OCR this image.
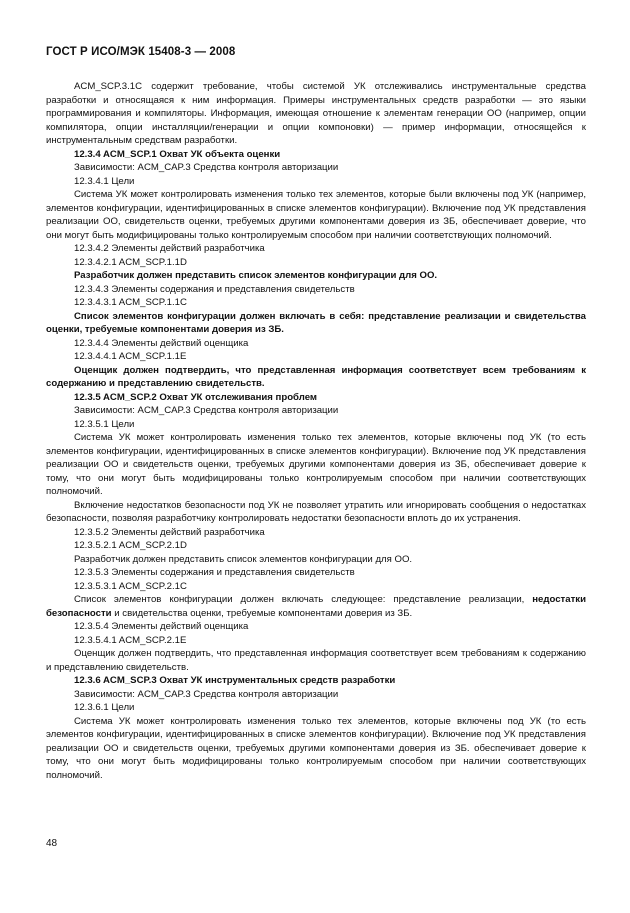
ГОСТ Р ИСО/МЭК 15408-3 — 2008

ACM_SCP.3.1С содержит требование, чтобы системой УК отслеживались инструментальные средства разработки и относящаяся к ним информация. Примеры инструментальных средств разработки — это языки программирования и компиляторы. Информация, имеющая отношение к элементам генерации ОО (например, опции компилятора, опции инсталляции/генерации и опции компоновки) — пример информации, относящейся к инструментальным средствам разработки.

12.3.4 ACM_SCP.1 Охват УК объекта оценки

Зависимости: ACM_CAP.3 Средства контроля авторизации

12.3.4.1 Цели

Система УК может контролировать изменения только тех элементов, которые были включены под УК (например, элементов конфигурации, идентифицированных в списке элементов конфигурации). Включение под УК представления реализации ОО, свидетельств оценки, требуемых другими компонентами доверия из ЗБ, обеспечивает доверие, что они могут быть модифицированы только контролируемым способом при наличии соответствующих полномочий.

12.3.4.2 Элементы действий разработчика

12.3.4.2.1 ACM_SCP.1.1D

Разработчик должен представить список элементов конфигурации для ОО.

12.3.4.3 Элементы содержания и представления свидетельств

12.3.4.3.1 ACM_SCP.1.1C

Список элементов конфигурации должен включать в себя: представление реализации и свидетельства оценки, требуемые компонентами доверия из ЗБ.

12.3.4.4 Элементы действий оценщика

12.3.4.4.1 ACM_SCP.1.1E

Оценщик должен подтвердить, что представленная информация соответствует всем требованиям к содержанию и представлению свидетельств.

12.3.5 ACM_SCP.2 Охват УК отслеживания проблем

Зависимости: ACM_CAP.3 Средства контроля авторизации

12.3.5.1 Цели

Система УК может контролировать изменения только тех элементов, которые включены под УК (то есть элементов конфигурации, идентифицированных в списке элементов конфигурации). Включение под УК представления реализации ОО и свидетельств оценки, требуемых другими компонентами доверия из ЗБ, обеспечивает доверие к тому, что они могут быть модифицированы только контролируемым способом при наличии соответствующих полномочий.

Включение недостатков безопасности под УК не позволяет утратить или игнорировать сообщения о недостатках безопасности, позволяя разработчику контролировать недостатки безопасности вплоть до их устранения.

12.3.5.2 Элементы действий разработчика

12.3.5.2.1 ACM_SCP.2.1D

Разработчик должен представить список элементов конфигурации для ОО.

12.3.5.3 Элементы содержания и представления свидетельств

12.3.5.3.1 ACM_SCP.2.1C

Список элементов конфигурации должен включать следующее: представление реализации, недостатки безопасности и свидетельства оценки, требуемые компонентами доверия из ЗБ.

12.3.5.4 Элементы действий оценщика

12.3.5.4.1 ACM_SCP.2.1E

Оценщик должен подтвердить, что представленная информация соответствует всем требованиям к содержанию и представлению свидетельств.

12.3.6 ACM_SCP.3 Охват УК инструментальных средств разработки

Зависимости: ACM_CAP.3 Средства контроля авторизации

12.3.6.1 Цели

Система УК может контролировать изменения только тех элементов, которые включены под УК (то есть элементов конфигурации, идентифицированных в списке элементов конфигурации). Включение под УК представления реализации ОО и свидетельств оценки, требуемых другими компонентами доверия из ЗБ. обеспечивает доверие к тому, что они могут быть модифицированы только контролируемым способом при наличии соответствующих полномочий.

48
